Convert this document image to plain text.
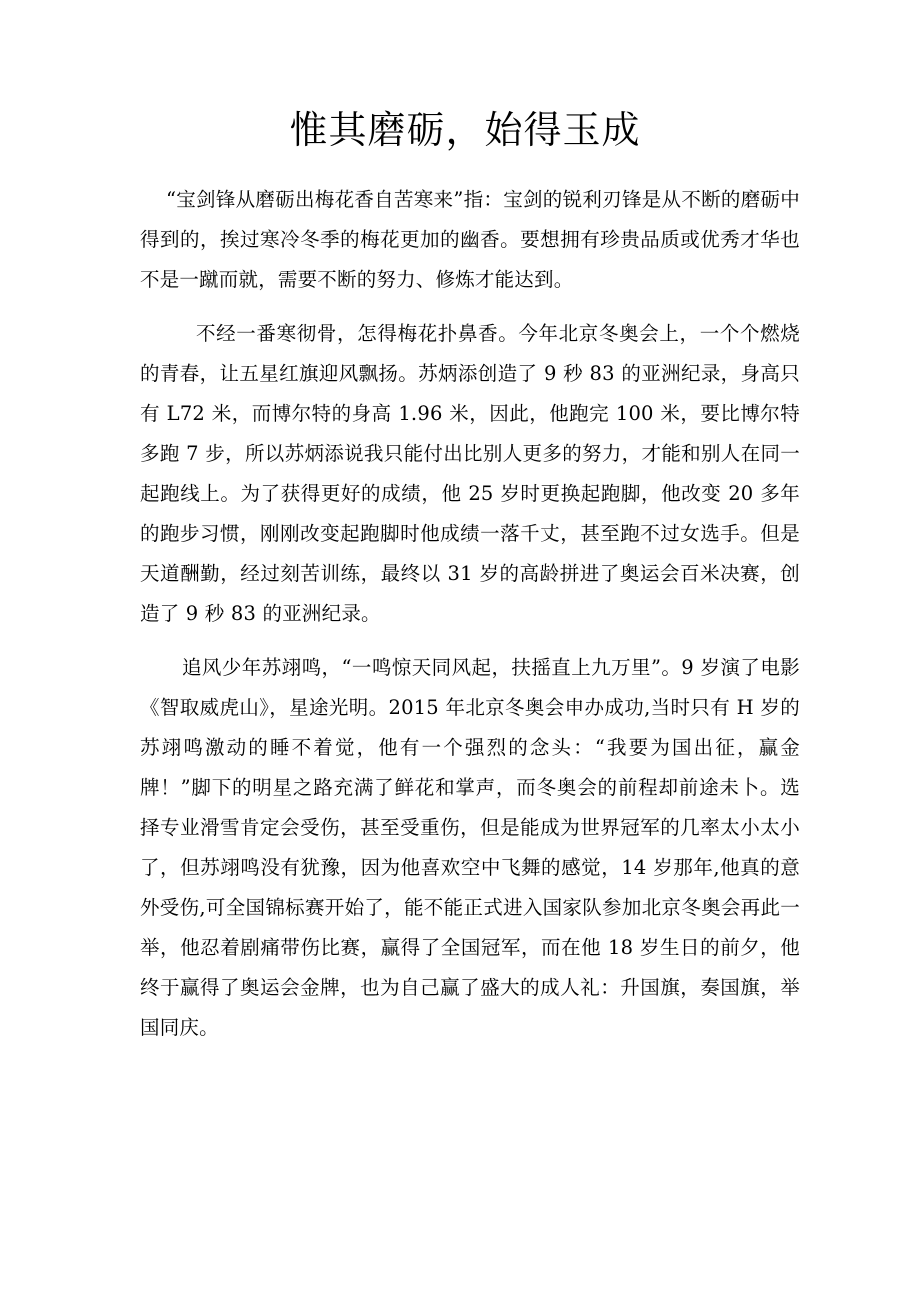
惟其磨砺，始得玉成

“宝剑锋从磨砺出梅花香自苦寒来”指：宝剑的锐利刃锋是从不断的磨砺中得到的，挨过寒冷冬季的梅花更加的幽香。要想拥有珍贵品质或优秀才华也不是一蹴而就，需要不断的努力、修炼才能达到。

不经一番寒彻骨，怎得梅花扑鼻香。今年北京冬奥会上，一个个燃烧的青春，让五星红旗迎风飘扬。苏炳添创造了 9 秒 83 的亚洲纪录，身高只有 L72 米，而博尔特的身高 1.96 米，因此，他跑完 100 米，要比博尔特多跑 7 步，所以苏炳添说我只能付出比别人更多的努力，才能和别人在同一起跑线上。为了获得更好的成绩，他 25 岁时更换起跑脚，他改变 20 多年的跑步习惯，刚刚改变起跑脚时他成绩一落千丈，甚至跑不过女选手。但是天道酬勤，经过刻苦训练，最终以 31 岁的高龄拼进了奥运会百米决赛，创造了 9 秒 83 的亚洲纪录。

追风少年苏翊鸣，“一鸣惊天同风起，扶摇直上九万里”。9 岁演了电影《智取威虎山》，星途光明。2015 年北京冬奥会申办成功,当时只有 H 岁的苏翊鸣激动的睡不着觉，他有一个强烈的念头：“我要为国出征，赢金牌！”脚下的明星之路充满了鲜花和掌声，而冬奥会的前程却前途未卜。选择专业滑雪肯定会受伤，甚至受重伤，但是能成为世界冠军的几率太小太小了，但苏翊鸣没有犹豫，因为他喜欢空中飞舞的感觉，14 岁那年,他真的意外受伤,可全国锦标赛开始了，能不能正式进入国家队参加北京冬奥会再此一举，他忍着剧痛带伤比赛，赢得了全国冠军，而在他 18 岁生日的前夕，他终于赢得了奥运会金牌，也为自己赢了盛大的成人礼：升国旗，奏国旗，举国同庆。
